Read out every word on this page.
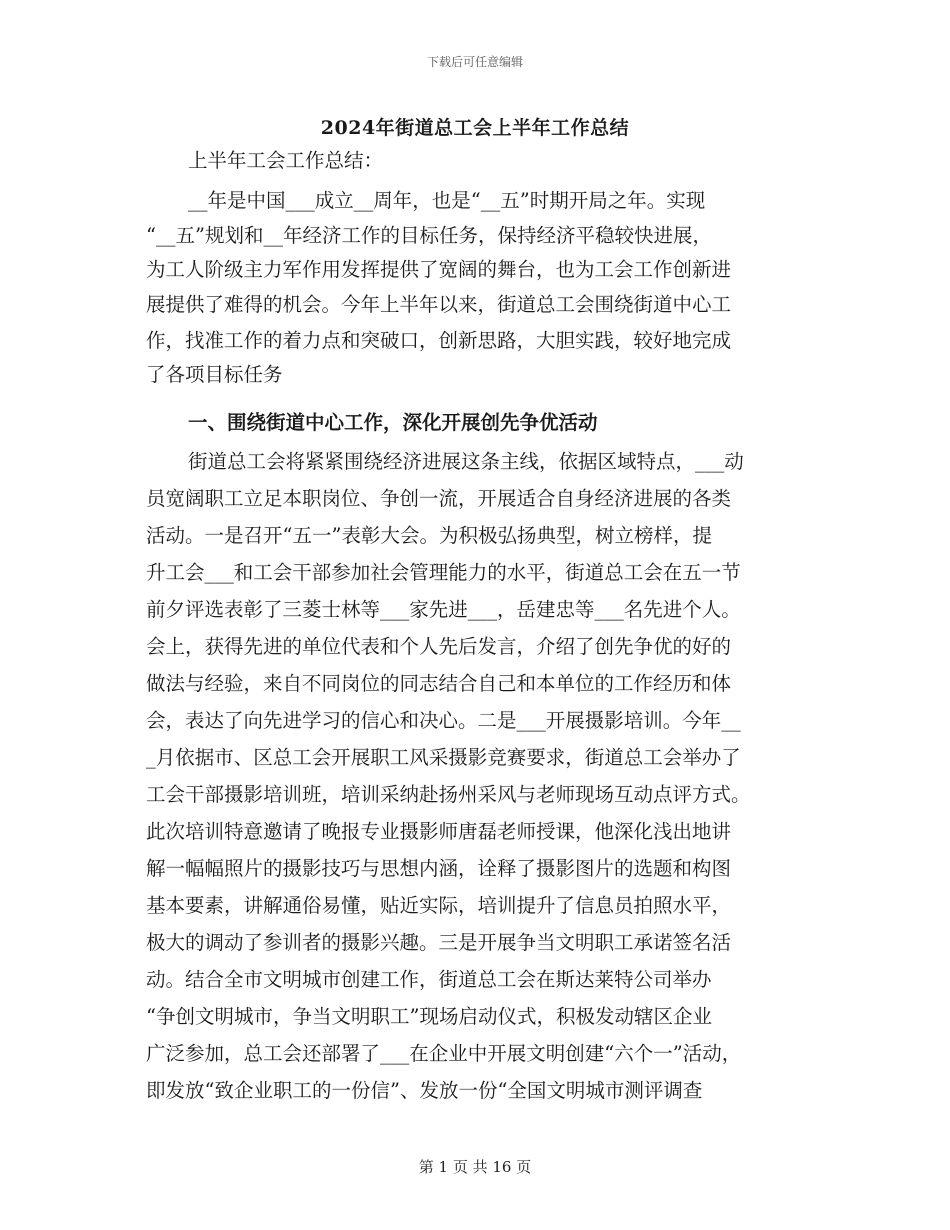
下载后可任意编辑
2024年街道总工会上半年工作总结
上半年工会工作总结：
__年是中国___成立__周年，也是“__五”时期开局之年。实现
“__五”规划和__年经济工作的目标任务，保持经济平稳较快进展，
为工人阶级主力军作用发挥提供了宽阔的舞台，也为工会工作创新进
展提供了难得的机会。今年上半年以来，街道总工会围绕街道中心工
作，找准工作的着力点和突破口，创新思路，大胆实践，较好地完成
了各项目标任务
一、围绕街道中心工作，深化开展创先争优活动
街道总工会将紧紧围绕经济进展这条主线，依据区域特点，___动
员宽阔职工立足本职岗位、争创一流，开展适合自身经济进展的各类
活动。一是召开“五一”表彰大会。为积极弘扬典型，树立榜样，提
升工会___和工会干部参加社会管理能力的水平，街道总工会在五一节
前夕评选表彰了三菱士林等___家先进___，岳建忠等___名先进个人。
会上，获得先进的单位代表和个人先后发言，介绍了创先争优的好的
做法与经验，来自不同岗位的同志结合自己和本单位的工作经历和体
会，表达了向先进学习的信心和决心。二是___开展摄影培训。今年__
_月依据市、区总工会开展职工风采摄影竞赛要求，街道总工会举办了
工会干部摄影培训班，培训采纳赴扬州采风与老师现场互动点评方式。
此次培训特意邀请了晚报专业摄影师唐磊老师授课，他深化浅出地讲
解一幅幅照片的摄影技巧与思想内涵，诠释了摄影图片的选题和构图
基本要素，讲解通俗易懂，贴近实际，培训提升了信息员拍照水平，
极大的调动了参训者的摄影兴趣。三是开展争当文明职工承诺签名活
动。结合全市文明城市创建工作，街道总工会在斯达莱特公司举办
“争创文明城市，争当文明职工”现场启动仪式，积极发动辖区企业
广泛参加，总工会还部署了___在企业中开展文明创建“六个一”活动，
即发放“致企业职工的一份信”、发放一份“全国文明城市测评调查
第 1 页 共 16 页
